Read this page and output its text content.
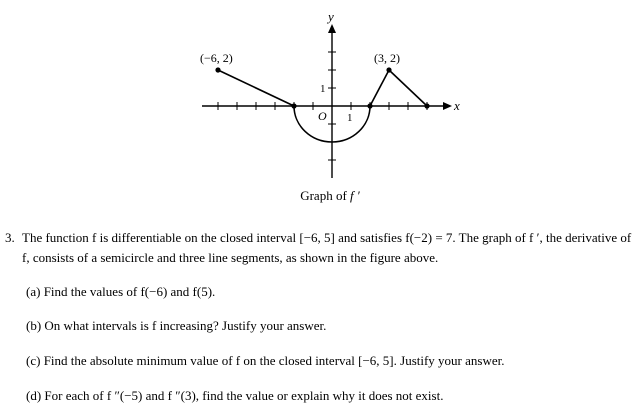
x
y
O 1
1
(−6, 2)	(3, 2)
Graph of f ′
3. The function f is differentiable on the closed interval [−6, 5] and satisfies f(−2) = 7. The graph of f ′, the derivative of f, consists of a semicircle and three line segments, as shown in the figure above.
(a) Find the values of f(−6) and f(5).
(b) On what intervals is f increasing? Justify your answer.
(c) Find the absolute minimum value of f on the closed interval [−6, 5]. Justify your answer.
(d) For each of f ″(−5) and f ″(3), find the value or explain why it does not exist.
